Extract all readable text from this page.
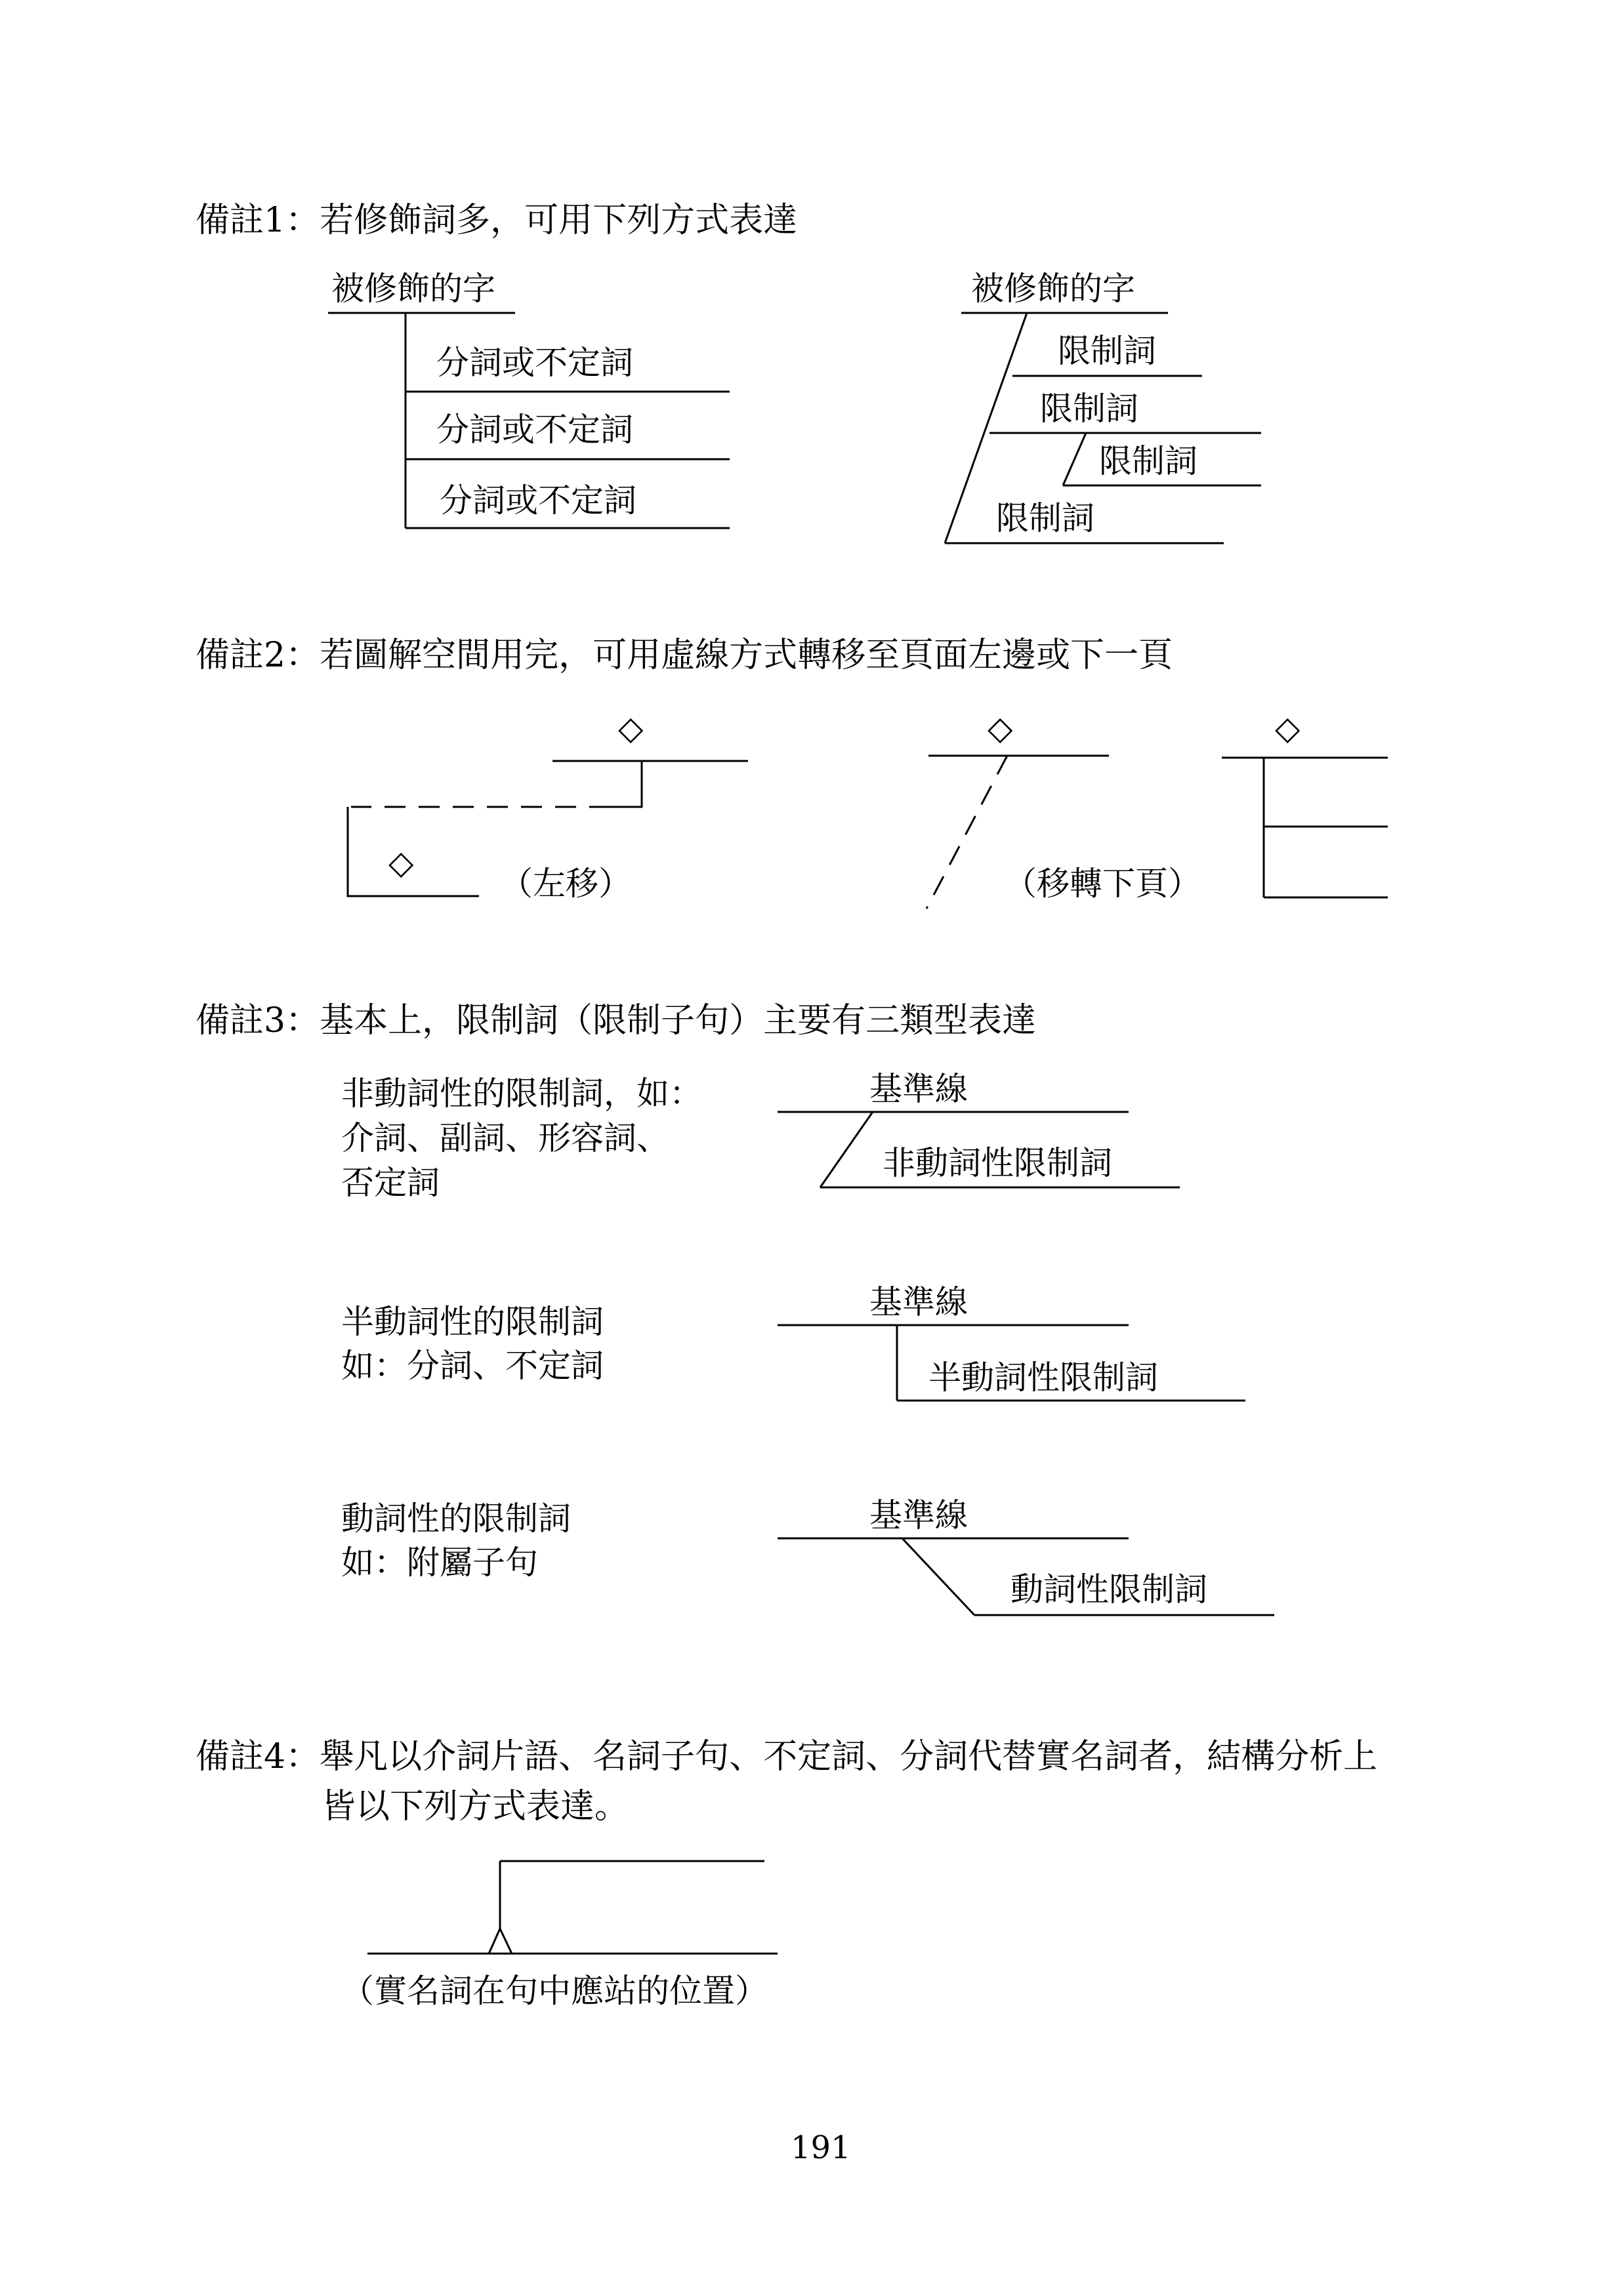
備註1：若修飾詞多，可用下列方式表達
被修飾的字
分詞或不定詞
分詞或不定詞
分詞或不定詞
被修飾的字
限制詞
限制詞
限制詞
限制詞
備註2：若圖解空間用完，可用虛線方式轉移至頁面左邊或下一頁
◇
◇
（左移）
◇
（移轉下頁）
◇
備註3：基本上，限制詞（限制子句）主要有三類型表達
非動詞性的限制詞，如：
介詞、副詞、形容詞、
否定詞
基準線
非動詞性限制詞
半動詞性的限制詞
如：分詞、不定詞
基準線
半動詞性限制詞
動詞性的限制詞
如：附屬子句
基準線
動詞性限制詞
備註4：舉凡以介詞片語、名詞子句、不定詞、分詞代替實名詞者，結構分析上
皆以下列方式表達。
（實名詞在句中應站的位置）
191
